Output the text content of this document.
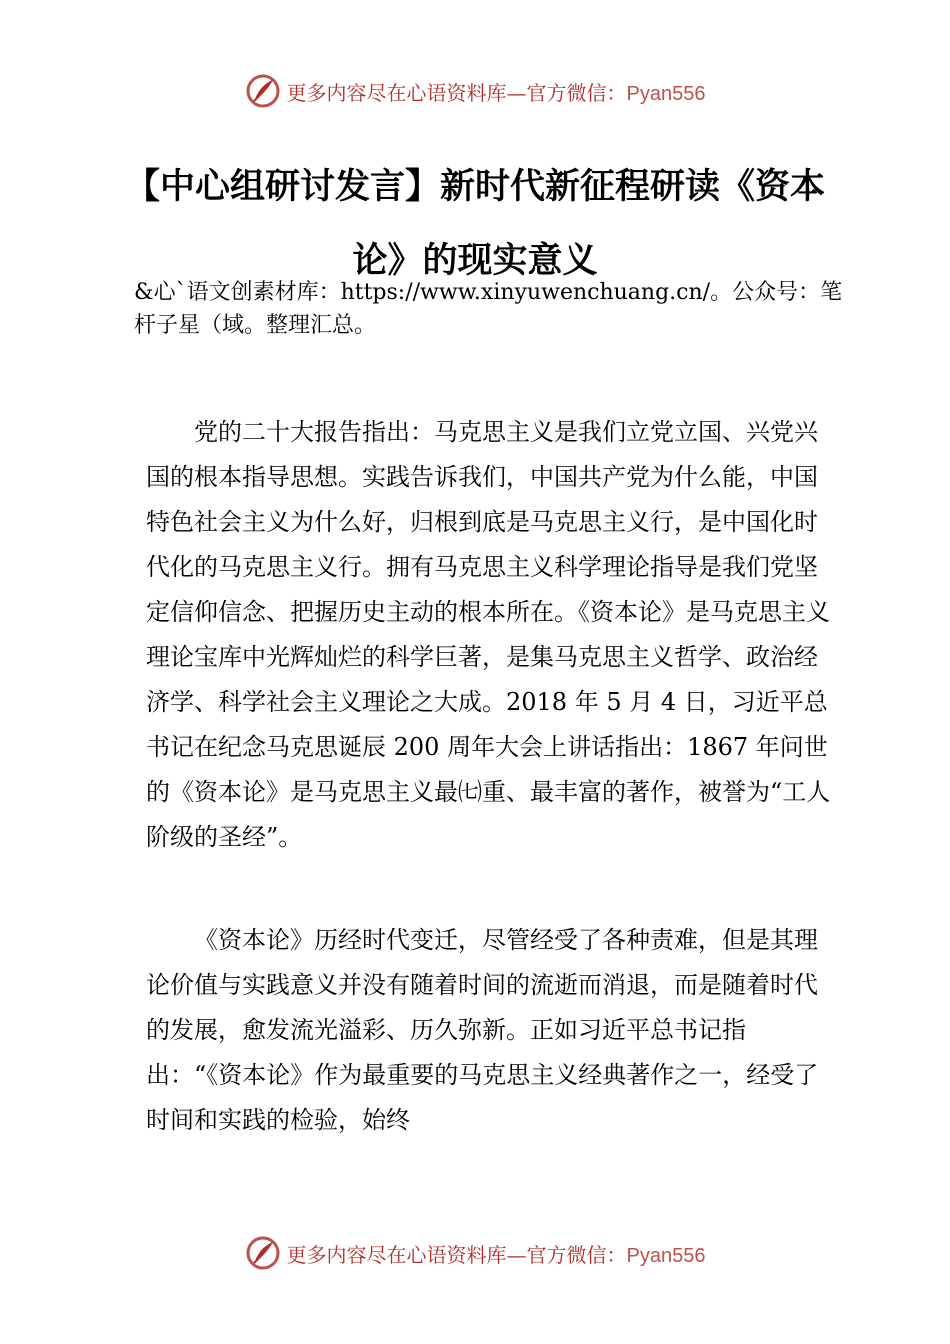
更多内容尽在心语资料库—官方微信：Pyan556
【中心组研讨发言】新时代新征程研读《资本论》的现实意义

&心`语文创素材库：https://www.xinyuwenchuang.cn/。公众号：笔杆子星（域。整理汇总。

党的二十大报告指出：马克思主义是我们立党立国、兴党兴国的根本指导思想。实践告诉我们，中国共产党为什么能，中国特色社会主义为什么好，归根到底是马克思主义行，是中国化时代化的马克思主义行。拥有马克思主义科学理论指导是我们党坚定信仰信念、把握历史主动的根本所在。《资本论》是马克思主义理论宝库中光辉灿烂的科学巨著，是集马克思主义哲学、政治经济学、科学社会主义理论之大成。2018 年 5 月 4 日，习近平总书记在纪念马克思诞辰 200 周年大会上讲话指出：1867 年问世的《资本论》是马克思主义最㈦重、最丰富的著作，被誉为“工人阶级的圣经”。

《资本论》历经时代变迁，尽管经受了各种责难，但是其理论价值与实践意义并没有随着时间的流逝而消退，而是随着时代的发展，愈发流光溢彩、历久弥新。正如习近平总书记指出：“《资本论》作为最重要的马克思主义经典著作之一，经受了时间和实践的检验，始终

更多内容尽在心语资料库—官方微信：Pyan556
